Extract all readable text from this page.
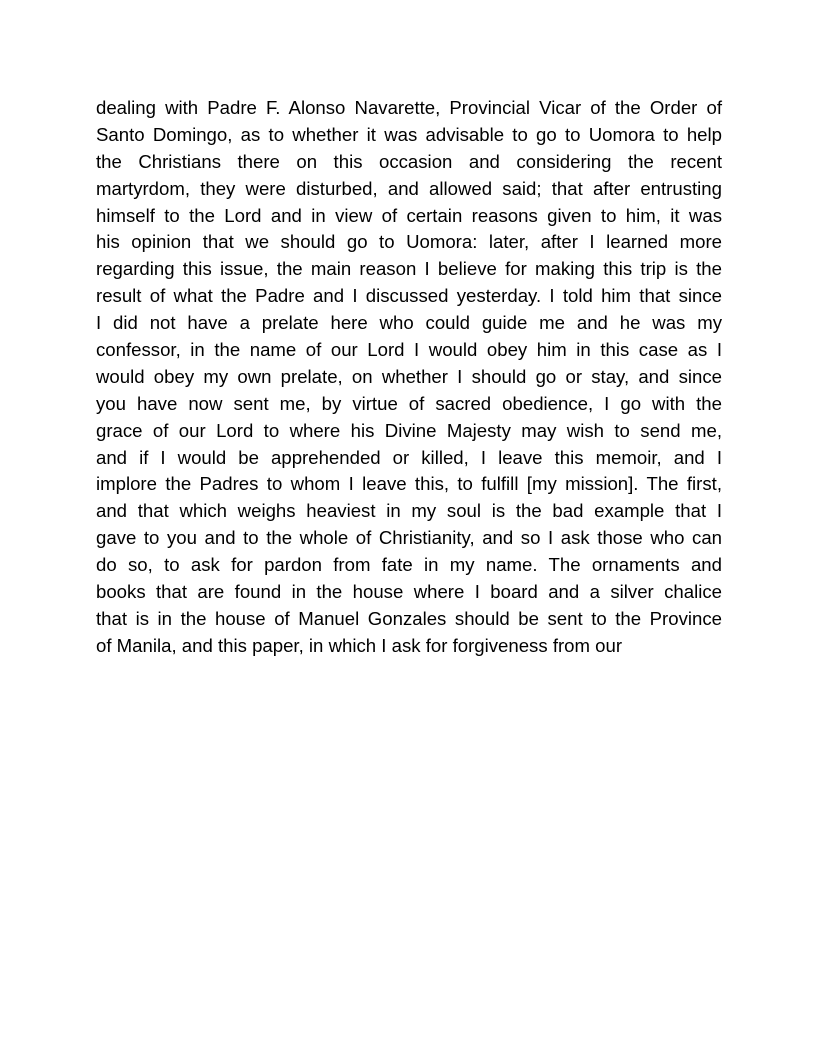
dealing with Padre F. Alonso Navarette, Provincial Vicar of the Order of
Santo Domingo, as to whether it was advisable to go to Uomora to help
the Christians there on this occasion and considering the recent
martyrdom, they were disturbed, and allowed said; that after entrusting
himself to the Lord and in view of certain reasons given to him, it was
his opinion that we should go to Uomora: later, after I learned more
regarding this issue, the main reason I believe for making this trip is the
result of what the Padre and I discussed yesterday. I told him that since
I did not have a prelate here who could guide me and he was my
confessor, in the name of our Lord I would obey him in this case as I
would obey my own prelate, on whether I should go or stay, and since
you have now sent me, by virtue of sacred obedience, I go with the
grace of our Lord to where his Divine Majesty may wish to send me,
and if I would be apprehended or killed, I leave this memoir, and I
implore the Padres to whom I leave this, to fulfill [my mission]. The first,
and that which weighs heaviest in my soul is the bad example that I
gave to you and to the whole of Christianity, and so I ask those who can
do so, to ask for pardon from fate in my name. The ornaments and
books that are found in the house where I board and a silver chalice
that is in the house of Manuel Gonzales should be sent to the Province
of Manila, and this paper, in which I ask for forgiveness from our
